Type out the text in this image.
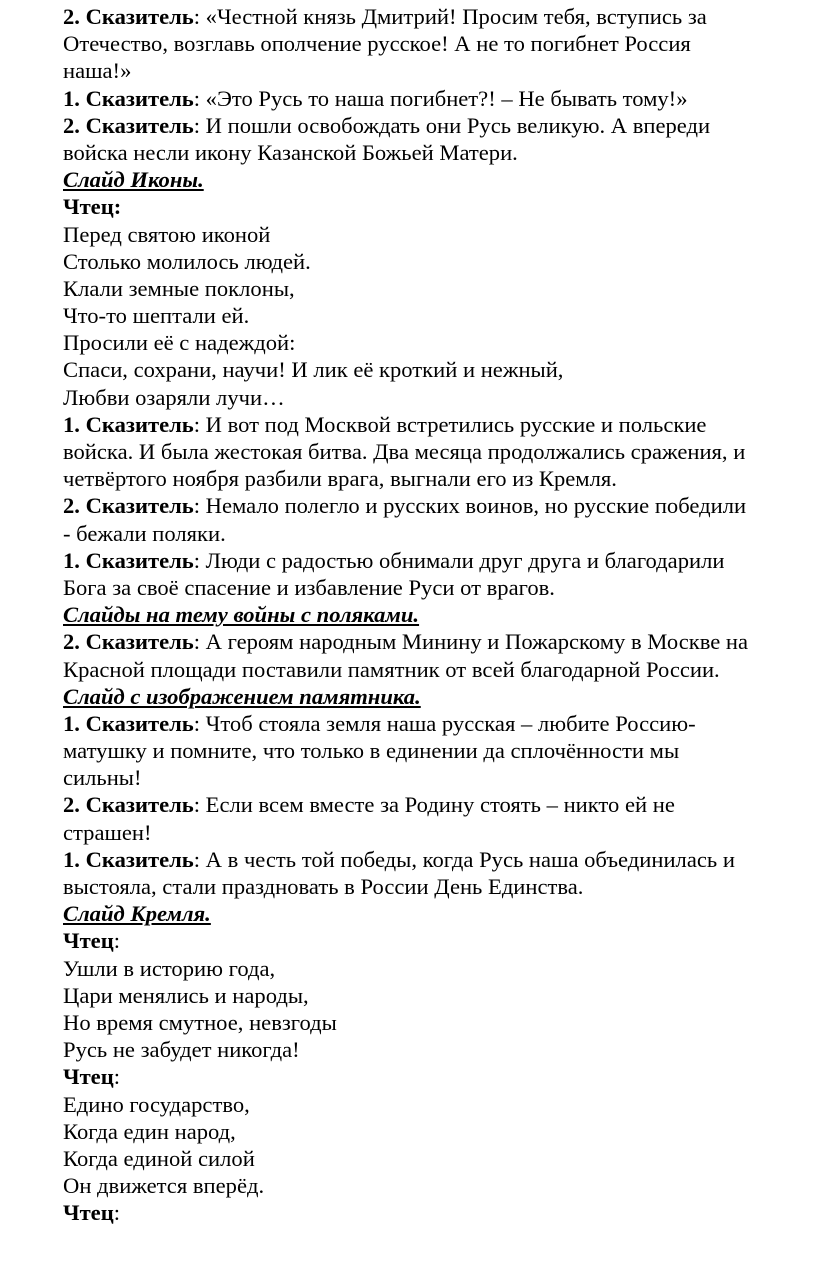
2. Сказитель: «Честной князь Дмитрий! Просим тебя, вступись за
Отечество, возглавь ополчение русское! А не то погибнет Россия
наша!»
1. Сказитель: «Это Русь то наша погибнет?! – Не бывать тому!»
2. Сказитель: И пошли освобождать они Русь великую. А впереди
войска несли икону Казанской Божьей Матери.
Слайд Иконы.
Чтец:
Перед святою иконой
Столько молилось людей.
Клали земные поклоны,
Что-то шептали ей.
Просили её с надеждой:
Спаси, сохрани, научи! И лик её кроткий и нежный,
Любви озаряли лучи…
1. Сказитель: И вот под Москвой встретились русские и польские
войска. И была жестокая битва. Два месяца продолжались сражения, и
четвёртого ноября разбили врага, выгнали его из Кремля.
2. Сказитель: Немало полегло и русских воинов, но русские победили
- бежали поляки.
1. Сказитель: Люди с радостью обнимали друг друга и благодарили
Бога за своё спасение и избавление Руси от врагов.
Слайды на тему войны с поляками.
2. Сказитель: А героям народным Минину и Пожарскому в Москве на
Красной площади поставили памятник от всей благодарной России.
Слайд с изображением памятника.
1. Сказитель: Чтоб стояла земля наша русская – любите Россию-
матушку и помните, что только в единении да сплочённости мы
сильны!
2. Сказитель: Если всем вместе за Родину стоять – никто ей не
страшен!
1. Сказитель: А в честь той победы, когда Русь наша объединилась и
выстояла, стали праздновать в России День Единства.
Слайд Кремля.
Чтец:
Ушли в историю года,
Цари менялись и народы,
Но время смутное, невзгоды
Русь не забудет никогда!
Чтец:
Едино государство,
Когда един народ,
Когда единой силой
Он движется вперёд.
Чтец:
